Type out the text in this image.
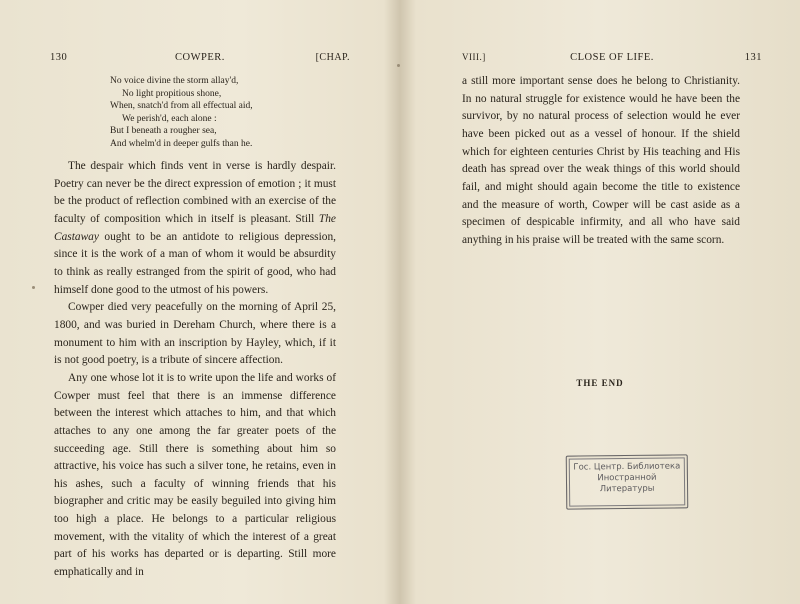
130	COWPER.	[CHAP.
No voice divine the storm allay'd,
No light propitious shone,
When, snatch'd from all effectual aid,
We perish'd, each alone :
But I beneath a rougher sea,
And whelm'd in deeper gulfs than he.

The despair which finds vent in verse is hardly despair. Poetry can never be the direct expression of emotion ; it must be the product of reflection combined with an exercise of the faculty of composition which in itself is pleasant. Still The Castaway ought to be an antidote to religious depression, since it is the work of a man of whom it would be absurdity to think as really estranged from the spirit of good, who had himself done good to the utmost of his powers.

Cowper died very peacefully on the morning of April 25, 1800, and was buried in Dereham Church, where there is a monument to him with an inscription by Hayley, which, if it is not good poetry, is a tribute of sincere affection.

Any one whose lot it is to write upon the life and works of Cowper must feel that there is an immense difference between the interest which attaches to him, and that which attaches to any one among the far greater poets of the succeeding age. Still there is something about him so attractive, his voice has such a silver tone, he retains, even in his ashes, such a faculty of winning friends that his biographer and critic may be easily beguiled into giving him too high a place. He belongs to a particular religious movement, with the vitality of which the interest of a great part of his works has departed or is departing. Still more emphatically and in

VIII.]	CLOSE OF LIFE.	131

a still more important sense does he belong to Christianity. In no natural struggle for existence would he have been the survivor, by no natural process of selection would he ever have been picked out as a vessel of honour. If the shield which for eighteen centuries Christ by His teaching and His death has spread over the weak things of this world should fail, and might should again become the title to existence and the measure of worth, Cowper will be cast aside as a specimen of despicable infirmity, and all who have said anything in his praise will be treated with the same scorn.

THE END
Гос. Центр. Библиотека
Иностранной
Литературы
